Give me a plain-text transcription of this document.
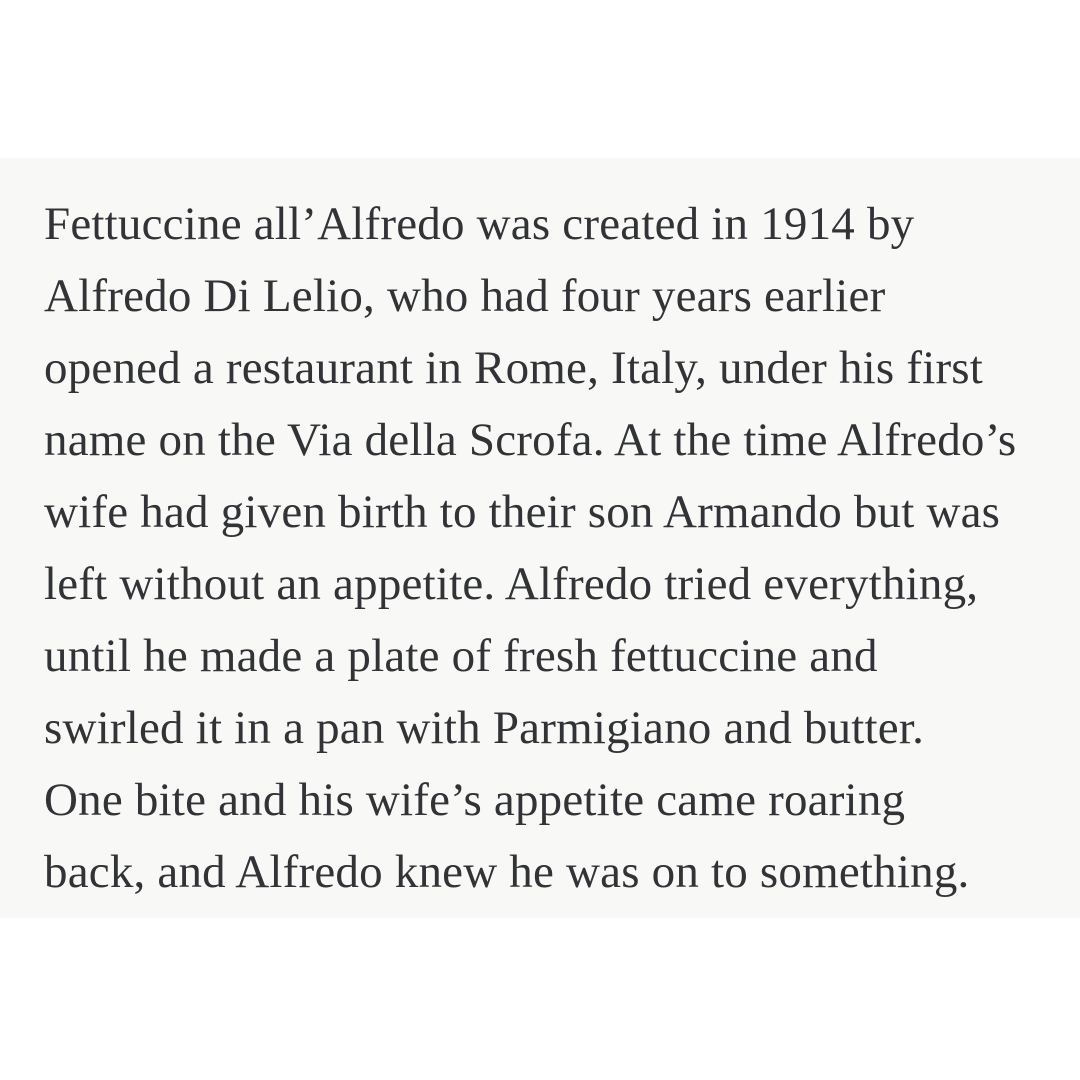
Fettuccine all’Alfredo was created in 1914 by
Alfredo Di Lelio, who had four years earlier
opened a restaurant in Rome, Italy, under his first
name on the Via della Scrofa. At the time Alfredo’s
wife had given birth to their son Armando but was
left without an appetite. Alfredo tried everything,
until he made a plate of fresh fettuccine and
swirled it in a pan with Parmigiano and butter.
One bite and his wife’s appetite came roaring
back, and Alfredo knew he was on to something.
